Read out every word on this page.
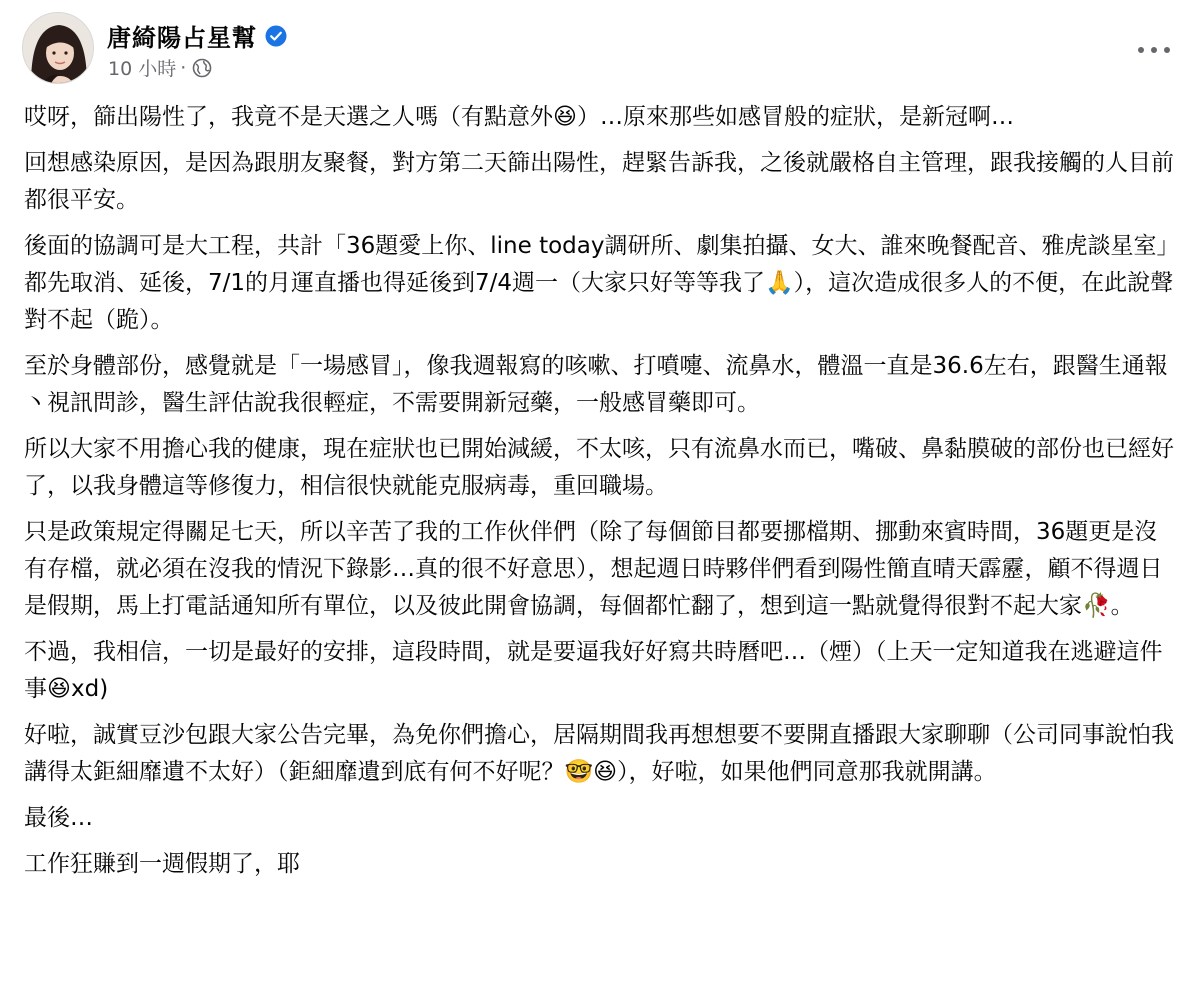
唐綺陽占星幫
10 小時 ·

哎呀，篩出陽性了，我竟不是天選之人嗎（有點意外😆）…原來那些如感冒般的症狀，是新冠啊…

回想感染原因，是因為跟朋友聚餐，對方第二天篩出陽性，趕緊告訴我，之後就嚴格自主管理，跟我接觸的人目前都很平安。

後面的協調可是大工程，共計「36題愛上你、line today調研所、劇集拍攝、女大、誰來晚餐配音、雅虎談星室」都先取消、延後，7/1的月運直播也得延後到7/4週一（大家只好等等我了🙏），這次造成很多人的不便，在此說聲對不起（跪）。

至於身體部份，感覺就是「一場感冒」，像我週報寫的咳嗽、打噴嚏、流鼻水，體溫一直是36.6左右，跟醫生通報丶視訊問診，醫生評估說我很輕症，不需要開新冠藥，一般感冒藥即可。

所以大家不用擔心我的健康，現在症狀也已開始減緩，不太咳，只有流鼻水而已，嘴破、鼻黏膜破的部份也已經好了，以我身體這等修復力，相信很快就能克服病毒，重回職場。

只是政策規定得關足七天，所以辛苦了我的工作伙伴們（除了每個節目都要挪檔期、挪動來賓時間，36題更是沒有存檔，就必須在沒我的情況下錄影…真的很不好意思），想起週日時夥伴們看到陽性簡直晴天霹靂，顧不得週日是假期，馬上打電話通知所有單位，以及彼此開會協調，每個都忙翻了，想到這一點就覺得很對不起大家🥀。

不過，我相信，一切是最好的安排，這段時間，就是要逼我好好寫共時曆吧…（煙）（上天一定知道我在逃避這件事😆xd)

好啦，誠實豆沙包跟大家公告完畢，為免你們擔心，居隔期間我再想想要不要開直播跟大家聊聊（公司同事說怕我講得太鉅細靡遺不太好）（鉅細靡遺到底有何不好呢？🤓😆），好啦，如果他們同意那我就開講。

最後…

工作狂賺到一週假期了，耶
